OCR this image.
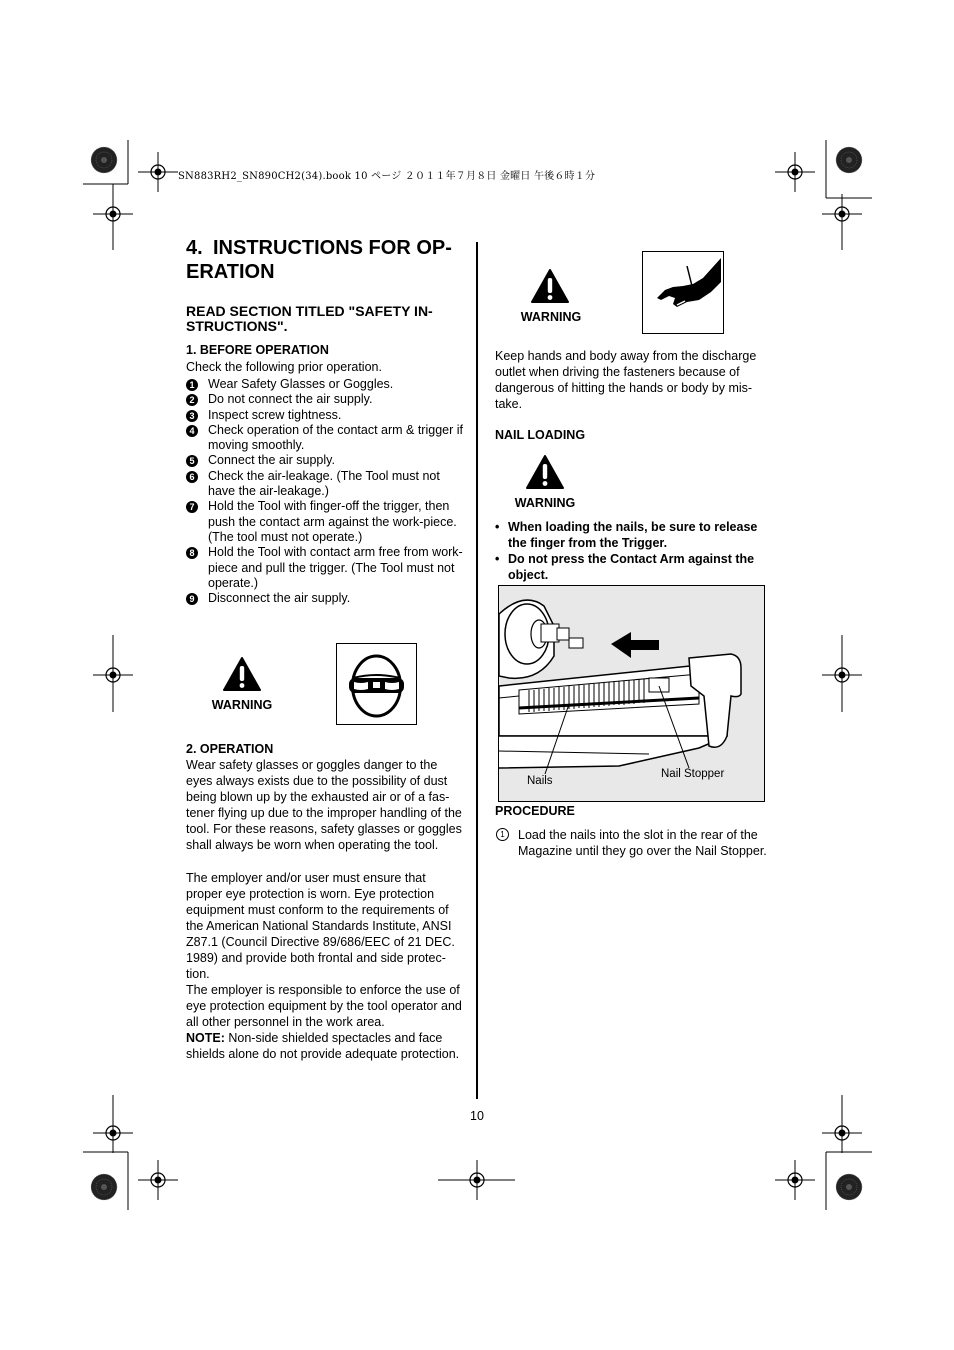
SN883RH2_SN890CH2(34).book 10 ページ ２０１１年７月８日 金曜日 午後６時１分
4. INSTRUCTIONS FOR OP-ERATION
READ SECTION TITLED "SAFETY IN-STRUCTIONS".
1. BEFORE OPERATION
Check the following prior operation.
1 Wear Safety Glasses or Goggles.
2 Do not connect the air supply.
3 Inspect screw tightness.
4 Check operation of the contact arm & trigger if moving smoothly.
5 Connect the air supply.
6 Check the air-leakage. (The Tool must not have the air-leakage.)
7 Hold the Tool with finger-off the trigger, then push the contact arm against the work-piece. (The tool must not operate.)
8 Hold the Tool with contact arm free from work-piece and pull the trigger. (The Tool must not operate.)
9 Disconnect the air supply.
WARNING
2. OPERATION
Wear safety glasses or goggles danger to the eyes always exists due to the possibility of dust being blown up by the exhausted air or of a fas-tener flying up due to the improper handling of the tool. For these reasons, safety glasses or goggles shall always be worn when operating the tool.
The employer and/or user must ensure that proper eye protection is worn. Eye protection equipment must conform to the requirements of the American National Standards Institute, ANSI Z87.1 (Council Directive 89/686/EEC of 21 DEC. 1989) and provide both frontal and side protec-tion.
The employer is responsible to enforce the use of eye protection equipment by the tool operator and all other personnel in the work area.
NOTE: Non-side shielded spectacles and face shields alone do not provide adequate protection.
WARNING
Keep hands and body away from the discharge outlet when driving the fasteners because of dangerous of hitting the hands or body by mis-take.
NAIL LOADING
WARNING
• When loading the nails, be sure to release the finger from the Trigger.
• Do not press the Contact Arm against the object.
Nails
Nail Stopper
PROCEDURE
1	Load the nails into the slot in the rear of the Magazine until they go over the Nail Stopper.
10
